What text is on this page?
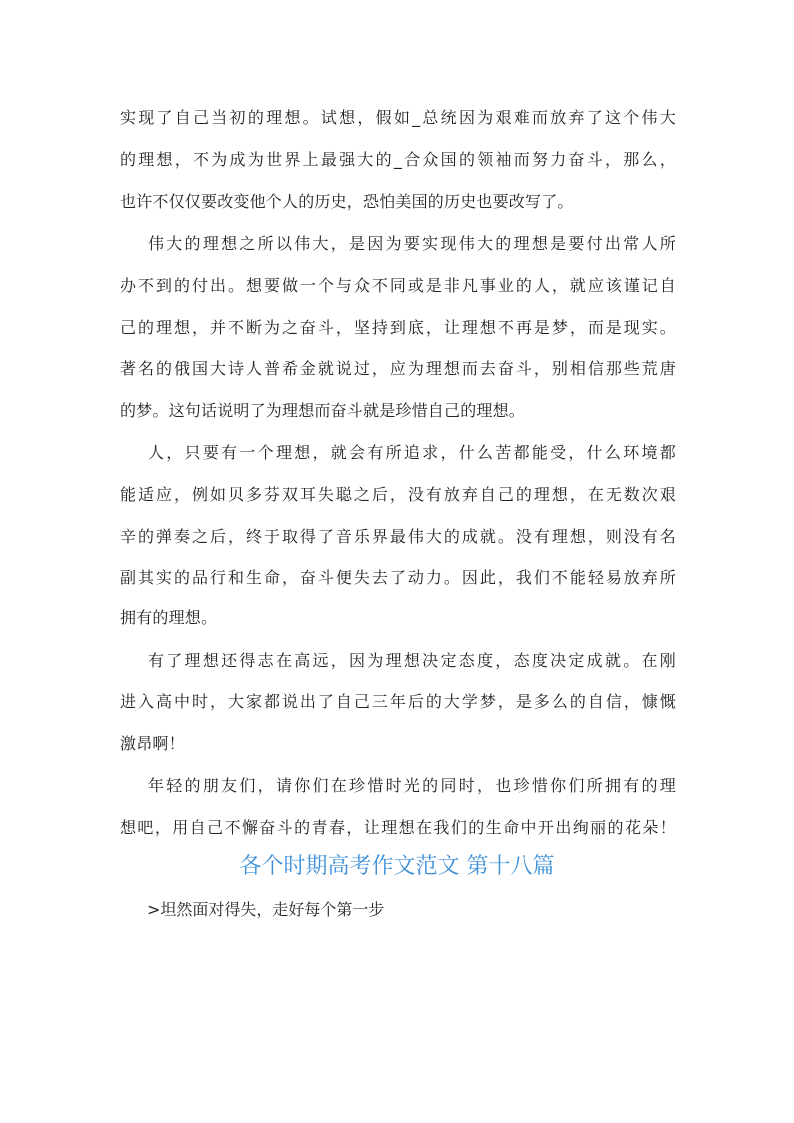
实现了自己当初的理想。试想，假如_总统因为艰难而放弃了这个伟大
的理想，不为成为世界上最强大的_合众国的领袖而努力奋斗，那么，
也许不仅仅要改变他个人的历史，恐怕美国的历史也要改写了。
伟大的理想之所以伟大，是因为要实现伟大的理想是要付出常人所
办不到的付出。想要做一个与众不同或是非凡事业的人，就应该谨记自
己的理想，并不断为之奋斗，坚持到底，让理想不再是梦，而是现实。
著名的俄国大诗人普希金就说过，应为理想而去奋斗，别相信那些荒唐
的梦。这句话说明了为理想而奋斗就是珍惜自己的理想。
人，只要有一个理想，就会有所追求，什么苦都能受，什么环境都
能适应，例如贝多芬双耳失聪之后，没有放弃自己的理想，在无数次艰
辛的弹奏之后，终于取得了音乐界最伟大的成就。没有理想，则没有名
副其实的品行和生命，奋斗便失去了动力。因此，我们不能轻易放弃所
拥有的理想。
有了理想还得志在高远，因为理想决定态度，态度决定成就。在刚
进入高中时，大家都说出了自己三年后的大学梦，是多么的自信，慷慨
激昂啊！
年轻的朋友们，请你们在珍惜时光的同时，也珍惜你们所拥有的理
想吧，用自己不懈奋斗的青春，让理想在我们的生命中开出绚丽的花朵！
各个时期高考作文范文 第十八篇
>坦然面对得失，走好每个第一步
